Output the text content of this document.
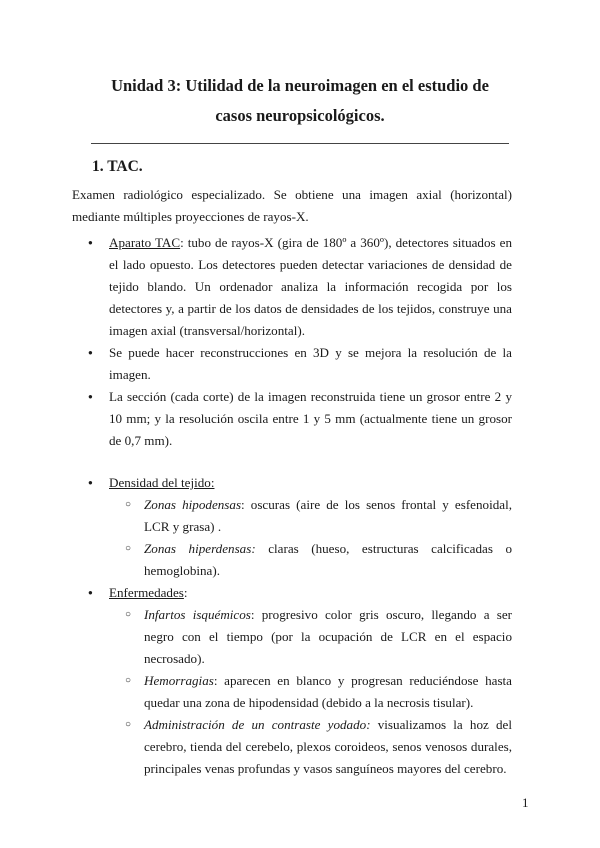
Unidad 3: Utilidad de la neuroimagen en el estudio de
casos neuropsicológicos.
1. TAC.

Examen radiológico especializado. Se obtiene una imagen axial (horizontal) mediante múltiples proyecciones de rayos-X.

● Aparato TAC: tubo de rayos-X (gira de 180º a 360º), detectores situados en el lado opuesto. Los detectores pueden detectar variaciones de densidad de tejido blando. Un ordenador analiza la información recogida por los detectores y, a partir de los datos de densidades de los tejidos, construye una imagen axial (transversal/horizontal).
● Se puede hacer reconstrucciones en 3D y se mejora la resolución de la imagen.
● La sección (cada corte) de la imagen reconstruida tiene un grosor entre 2 y 10 mm; y la resolución oscila entre 1 y 5 mm (actualmente tiene un grosor de 0,7 mm).
● Densidad del tejido:
○ Zonas hipodensas: oscuras (aire de los senos frontal y esfenoidal, LCR y grasa) .
○ Zonas hiperdensas: claras (hueso, estructuras calcificadas o hemoglobina).
● Enfermedades:
○ Infartos isquémicos: progresivo color gris oscuro, llegando a ser negro con el tiempo (por la ocupación de LCR en el espacio necrosado).
○ Hemorragias: aparecen en blanco y progresan reduciéndose hasta quedar una zona de hipodensidad (debido a la necrosis tisular).
○ Administración de un contraste yodado: visualizamos la hoz del cerebro, tienda del cerebelo, plexos coroideos, senos venosos durales, principales venas profundas y vasos sanguíneos mayores del cerebro.
1
